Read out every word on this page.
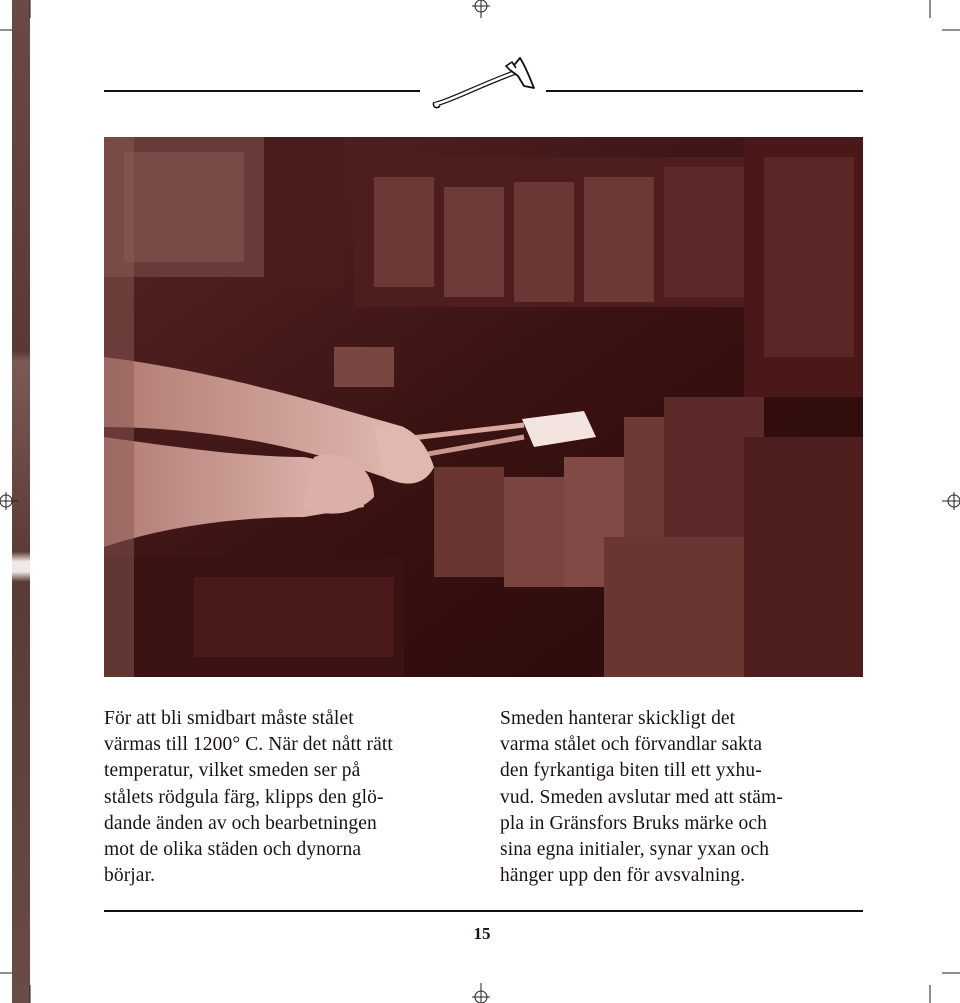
För att bli smidbart måste stålet
värmas till 1200° C. När det nått rätt
temperatur, vilket smeden ser på
stålets rödgula färg, klipps den glö-
dande änden av och bearbetningen
mot de olika städen och dynorna
börjar.
Smeden hanterar skickligt det
varma stålet och förvandlar sakta
den fyrkantiga biten till ett yxhu-
vud. Smeden avslutar med att stäm-
pla in Gränsfors Bruks märke och
sina egna initialer, synar yxan och
hänger upp den för avsvalning.
15
